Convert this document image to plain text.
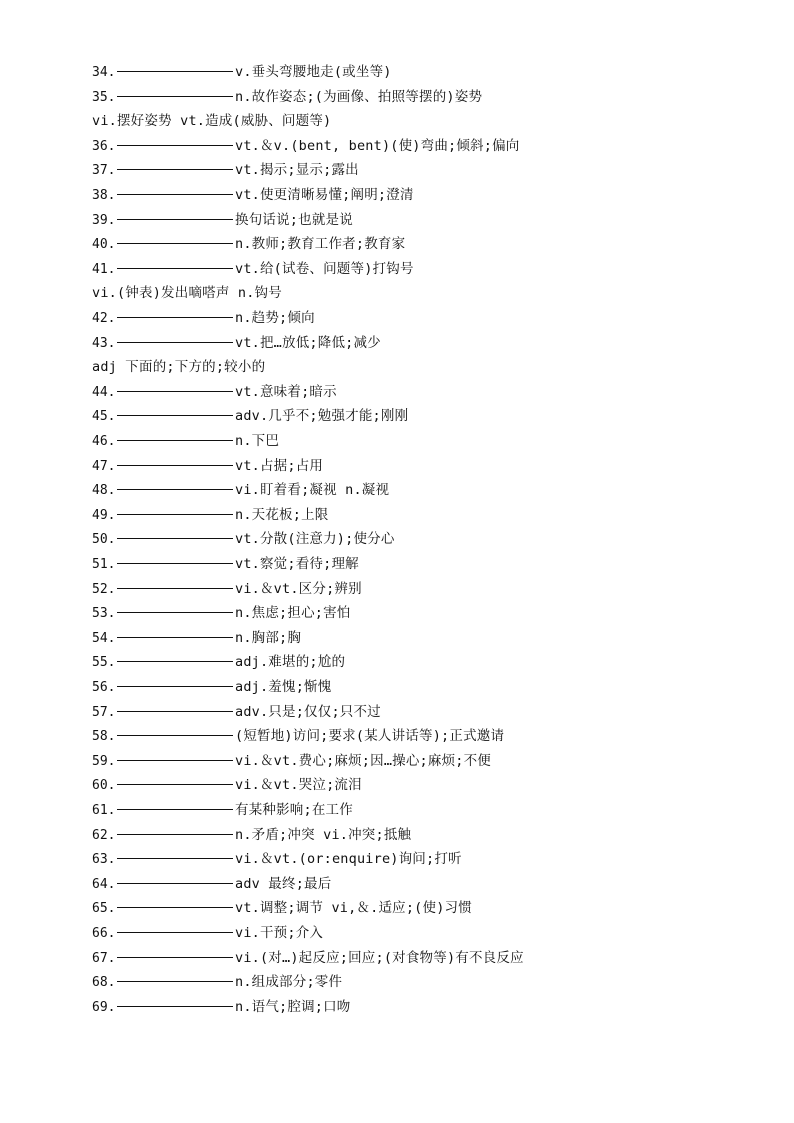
34.	v.垂头弯腰地走(或坐等)
35.	n.故作姿态;(为画像、拍照等摆的)姿势
vi.摆好姿势 vt.造成(威胁、问题等)
36.	vt.＆v.(bent, bent)(使)弯曲;倾斜;偏向
37.	vt.揭示;显示;露出
38.	vt.使更清晰易懂;阐明;澄清
39.	换句话说;也就是说
40.	n.教师;教育工作者;教育家
41.	vt.给(试卷、问题等)打钩号
vi.(钟表)发出嘀嗒声 n.钩号
42.	n.趋势;倾向
43.	vt.把…放低;降低;减少
adj 下面的;下方的;较小的
44.	vt.意味着;暗示
45.	adv.几乎不;勉强才能;刚刚
46.	n.下巴
47.	vt.占据;占用
48.	vi.盯着看;凝视 n.凝视
49.	n.天花板;上限
50.	vt.分散(注意力);使分心
51.	vt.察觉;看待;理解
52.	vi.＆vt.区分;辨别
53.	n.焦虑;担心;害怕
54.	n.胸部;胸
55.	adj.难堪的;尬的
56.	adj.羞愧;惭愧
57.	adv.只是;仅仅;只不过
58.	(短暂地)访问;要求(某人讲话等);正式邀请
59.	vi.＆vt.费心;麻烦;因…操心;麻烦;不便
60.	vi.＆vt.哭泣;流泪
61.	有某种影响;在工作
62.	n.矛盾;冲突 vi.冲突;抵触
63.	vi.＆vt.(or:enquire)询问;打听
64.	adv 最终;最后
65.	vt.调整;调节 vi,＆.适应;(使)习惯
66.	vi.干预;介入
67.	vi.(对…)起反应;回应;(对食物等)有不良反应
68.	n.组成部分;零件
69.	n.语气;腔调;口吻
